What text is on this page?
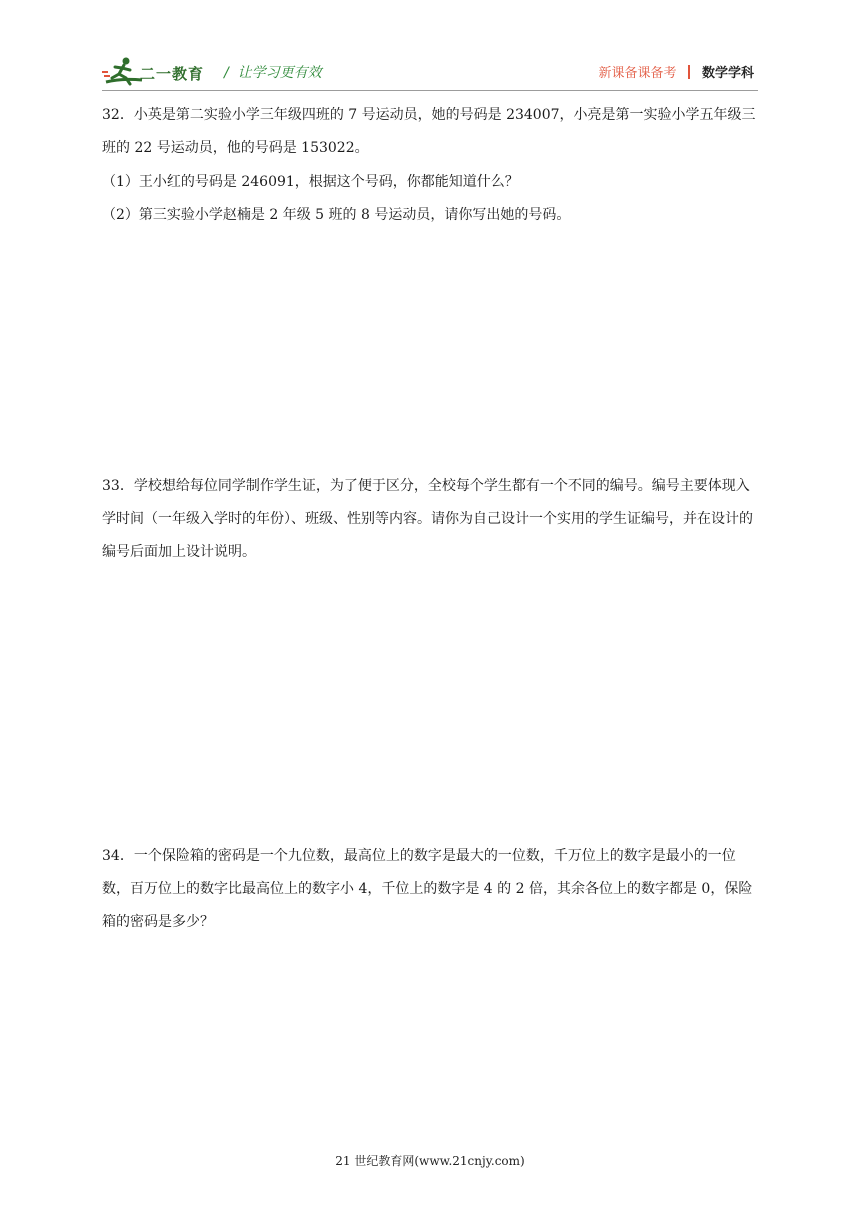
二一教育 /  让学习更有效	新课备课备考 数学学科

32．小英是第二实验小学三年级四班的 7 号运动员，她的号码是 234007，小亮是第一实验小学五年级三班的 22 号运动员，他的号码是 153022。

（1）王小红的号码是 246091，根据这个号码，你都能知道什么？
（2）第三实验小学赵楠是 2 年级 5 班的 8 号运动员，请你写出她的号码。

33．学校想给每位同学制作学生证，为了便于区分，全校每个学生都有一个不同的编号。编号主要体现入学时间（一年级入学时的年份）、班级、性别等内容。请你为自己设计一个实用的学生证编号，并在设计的编号后面加上设计说明。

34．一个保险箱的密码是一个九位数，最高位上的数字是最大的一位数，千万位上的数字是最小的一位数，百万位上的数字比最高位上的数字小 4，千位上的数字是 4 的 2 倍，其余各位上的数字都是 0，保险箱的密码是多少？

21 世纪教育网(www.21cnjy.com)
